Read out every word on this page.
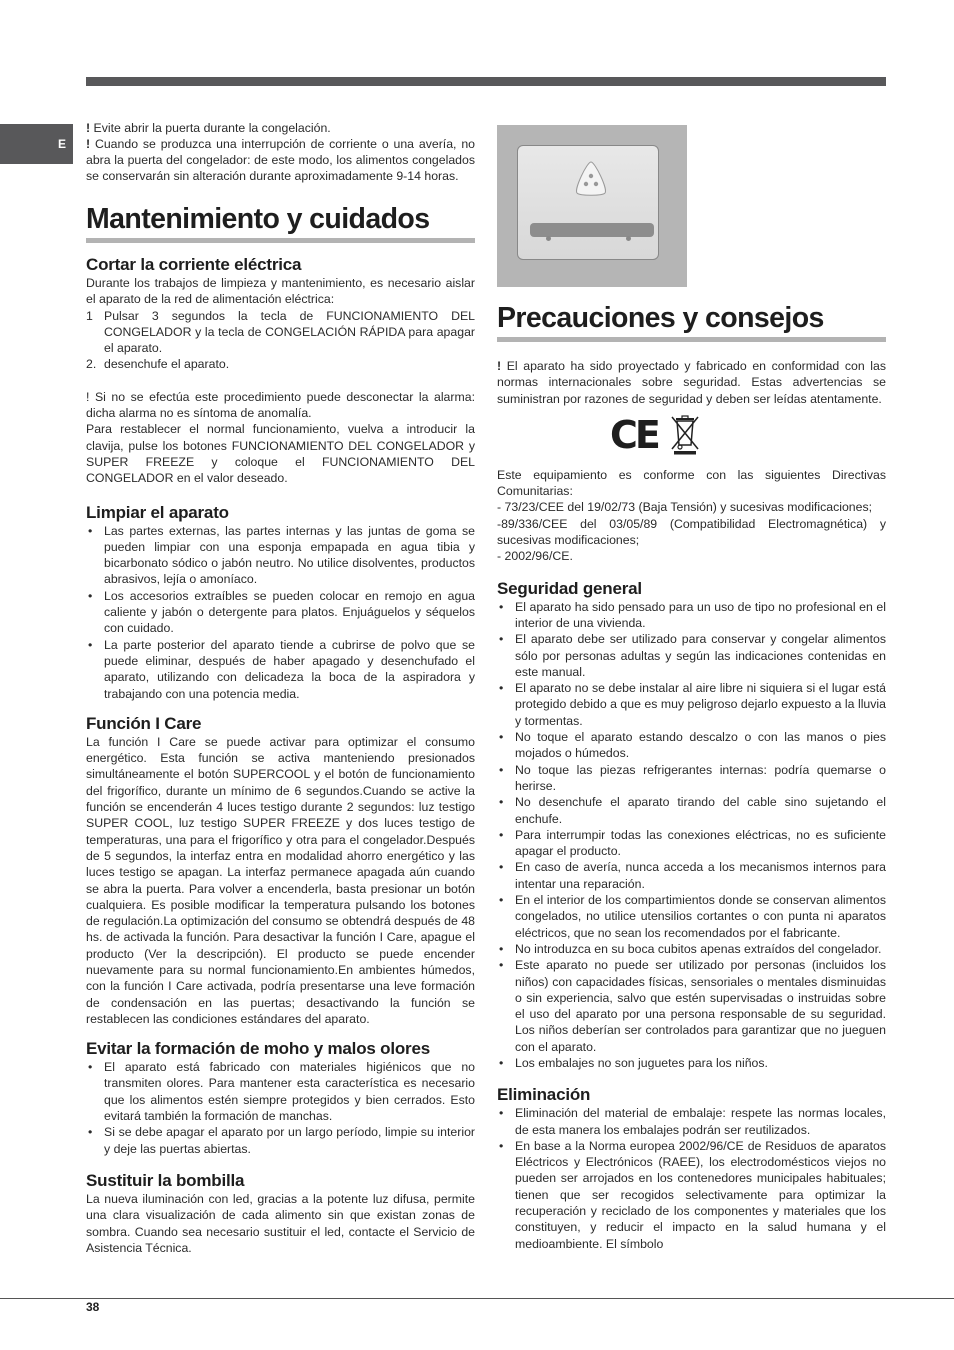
E

! Evite abrir la puerta durante la congelación.

! Cuando se produzca una interrupción de corriente o una avería, no abra la puerta del congelador: de este modo, los alimentos congelados se conservarán sin alteración durante aproximadamente 9-14 horas.

Mantenimiento y cuidados
Cortar la corriente eléctrica

Durante los trabajos de limpieza y mantenimiento, es necesario aislar el aparato de la red de alimentación eléctrica:

1 Pulsar 3 segundos la tecla de FUNCIONAMIENTO DEL CONGELADOR y la tecla de CONGELACIÓN RÁPIDA para apagar el aparato.
2. desenchufe el aparato.

! Si no se efectúa este procedimiento puede desconectar la alarma: dicha alarma no es síntoma de anomalía.

Para restablecer el normal funcionamiento, vuelva a introducir la clavija, pulse los botones FUNCIONAMIENTO DEL CONGELADOR y SUPER FREEZE y coloque el FUNCIONAMIENTO DEL CONGELADOR en el valor deseado.

Limpiar el aparato
• Las partes externas, las partes internas y las juntas de goma se pueden limpiar con una esponja empapada en agua tibia y bicarbonato sódico o jabón neutro. No utilice disolventes, productos abrasivos, lejía o amoníaco.
• Los accesorios extraíbles se pueden colocar en remojo en agua caliente y jabón o detergente para platos. Enjuáguelos y séquelos con cuidado.
• La parte posterior del aparato tiende a cubrirse de polvo que se puede eliminar, después de haber apagado y desenchufado el aparato, utilizando con delicadeza la boca de la aspiradora y trabajando con una potencia media.
Función I Care

La función I Care se puede activar para optimizar el consumo energético. Esta función se activa manteniendo presionados simultáneamente el botón SUPERCOOL y el botón de funcionamiento del frigorífico, durante un mínimo de 6 segundos.Cuando se active la función se encenderán 4 luces testigo durante 2 segundos: luz testigo SUPER COOL, luz testigo SUPER FREEZE y dos luces testigo de temperaturas, una para el frigorífico y otra para el congelador.Después de 5 segundos, la interfaz entra en modalidad ahorro energético y las luces testigo se apagan. La interfaz permanece apagada aún cuando se abra la puerta. Para volver a encenderla, basta presionar un botón cualquiera. Es posible modificar la temperatura pulsando los botones de regulación.La optimización del consumo se obtendrá después de 48 hs. de activada la función. Para desactivar la función I Care, apague el producto (Ver la descripción). El producto se puede encender nuevamente para su normal funcionamiento.En ambientes húmedos, con la función I Care activada, podría presentarse una leve formación de condensación en las puertas; desactivando la función se restablecen las condiciones estándares del aparato.

Evitar la formación de moho y malos olores
• El aparato está fabricado con materiales higiénicos que no transmiten olores. Para mantener esta característica es necesario que los alimentos estén siempre protegidos y bien cerrados. Esto evitará también la formación de manchas.
• Si se debe apagar el aparato por un largo período, limpie su interior y deje las puertas abiertas.
Sustituir la bombilla

La nueva iluminación con led, gracias a la potente luz difusa, permite una clara visualización de cada alimento sin que existan zonas de sombra. Cuando sea necesario sustituir el led, contacte el Servicio de Asistencia Técnica.

Precauciones y consejos

! El aparato ha sido proyectado y fabricado en conformidad con las normas internacionales sobre seguridad. Estas advertencias se suministran por razones de seguridad y deben ser leídas atentamente.

CE

Este equipamiento es conforme con las siguientes Directivas Comunitarias:

- 73/23/CEE del 19/02/73 (Baja Tensión) y sucesivas modificaciones;

-89/336/CEE del 03/05/89 (Compatibilidad Electromagnética) y sucesivas modificaciones;

- 2002/96/CE.

Seguridad general
• El aparato ha sido pensado para un uso de tipo no profesional en el interior de una vivienda.
• El aparato debe ser utilizado para conservar y congelar alimentos sólo por personas adultas y según las indicaciones contenidas en este manual.
• El aparato no se debe instalar al aire libre ni siquiera si el lugar está protegido debido a que es muy peligroso dejarlo expuesto a la lluvia y tormentas.
• No toque el aparato estando descalzo o con las manos o pies mojados o húmedos.
• No toque las piezas refrigerantes internas: podría quemarse o herirse.
• No desenchufe el aparato tirando del cable sino sujetando el enchufe.
• Para interrumpir todas las conexiones eléctricas, no es suficiente apagar el producto.
• En caso de avería, nunca acceda a los mecanismos internos para intentar una reparación.
• En el interior de los compartimientos donde se conservan alimentos congelados, no utilice utensilios cortantes o con punta ni aparatos eléctricos, que no sean los recomendados por el fabricante.
• No introduzca en su boca cubitos apenas extraídos del congelador.
• Este aparato no puede ser utilizado por personas (incluidos los niños) con capacidades físicas, sensoriales o mentales disminuidas o sin experiencia, salvo que estén supervisadas o instruidas sobre el uso del aparato por una persona responsable de su seguridad. Los niños deberían ser controlados para garantizar que no jueguen con el aparato.
• Los embalajes no son juguetes para los niños.
Eliminación
• Eliminación del material de embalaje: respete las normas locales, de esta manera los embalajes podrán ser reutilizados.
• En base a la Norma europea 2002/96/CE de Residuos de aparatos Eléctricos y Electrónicos (RAEE), los electrodomésticos viejos no pueden ser arrojados en los contenedores municipales habituales; tienen que ser recogidos selectivamente para optimizar la recuperación y reciclado de los componentes y materiales que los constituyen, y reducir el impacto en la salud humana y el medioambiente. El símbolo
38
